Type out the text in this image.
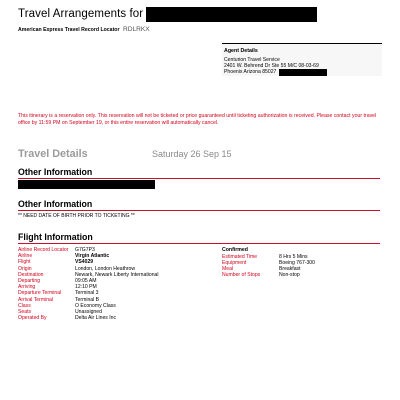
Travel Arrangements for
American Express Travel Record Locator RDLRKX
Agent Details
Centurion Travel Service
2401 W. Behrend Dr Ste 55 M/C 08-03-69
Phoenix Arizona 85027
This itinerary is a reservation only. This reservation will not be ticketed or price guaranteed until ticketing authorization is received. Please contact your travel office by 11:59 PM on September 19, or this entire reservation will automatically cancel.
Travel Details	Saturday 26 Sep 15
Other Information
Other Information
** NEED DATE OF BIRTH PRIOR TO TICKETING **
Flight Information
Airline Record Locator	G7G7P3
Airline	Virgin Atlantic
Flight	VS4029
Origin	London, London Heathrow
Destination	Newark, Newark Liberty International
Departing	09:05 AM
Arriving	12:10 PM
Departure Terminal	Terminal 3
Arrival Terminal	Terminal B
Class	O Economy Class
Seats	Unassigned
Operated By	Delta Air Lines Inc
Confirmed
Estimated Time	8 Hrs 5 Mins
Equipment	Boeing 767-300
Meal	Breakfast
Number of Stops	Non-stop
